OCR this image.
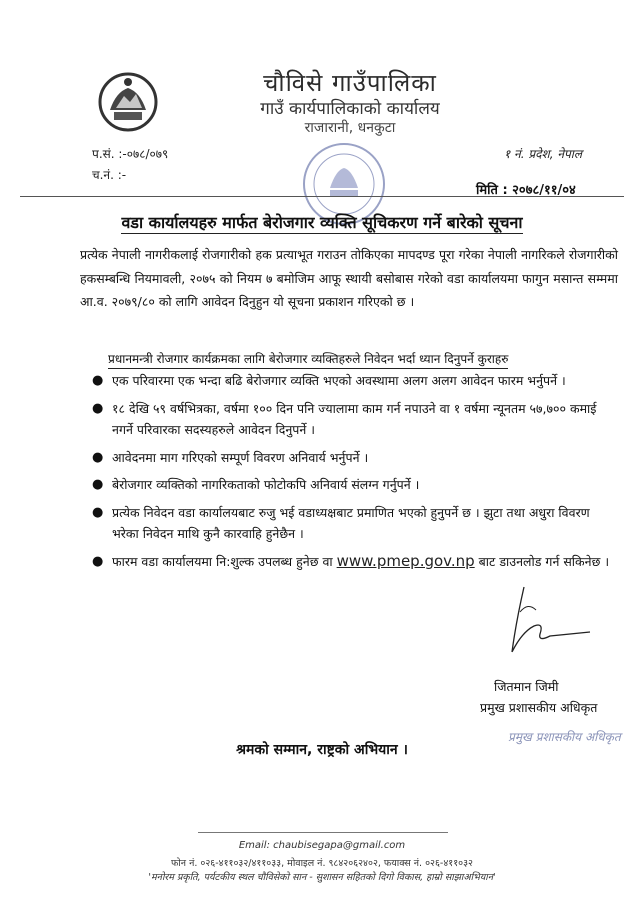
चौविसे गाउँपालिका
गाउँ कार्यपालिकाको कार्यालय
राजारानी, धनकुटा
प.सं. :-०७८/०७९
च.नं. :-
१ नं. प्रदेश, नेपाल
मिति : २०७८/११/०४
वडा कार्यालयहरु मार्फत बेरोजगार व्यक्ति सूचिकरण गर्ने बारेको सूचना
प्रत्येक नेपाली नागरीकलाई रोजगारीको हक प्रत्याभूत गराउन तोकिएका मापदण्ड पूरा गरेका नेपाली नागरिकले रोजगारीको हकसम्बन्धि नियमावली, २०७५ को नियम ७ बमोजिम आफू स्थायी बसोबास गरेको वडा कार्यालयमा फागुन मसान्त सम्ममा आ.व. २०७९/८० को लागि आवेदन दिनुहुन यो सूचना प्रकाशन गरिएको छ ।
प्रधानमन्त्री रोजगार कार्यक्रमका लागि बेरोजगार व्यक्तिहरुले निवेदन भर्दा ध्यान दिनुपर्ने कुराहरु
● एक परिवारमा एक भन्दा बढि बेरोजगार व्यक्ति भएको अवस्थामा अलग अलग आवेदन फारम भर्नुपर्ने ।
● १८ देखि ५९ वर्षभित्रका, वर्षमा १०० दिन पनि ज्यालामा काम गर्न नपाउने वा १ वर्षमा न्यूनतम ५७,७०० कमाई नगर्ने परिवारका सदस्यहरुले आवेदन दिनुपर्ने ।
● आवेदनमा माग गरिएको सम्पूर्ण विवरण अनिवार्य भर्नुपर्ने ।
● बेरोजगार व्यक्तिको नागरिकताको फोटोकपि अनिवार्य संलग्न गर्नुपर्ने ।
● प्रत्येक निवेदन वडा कार्यालयबाट रुजु भई वडाध्यक्षबाट प्रमाणित भएको हुनुपर्ने छ । झुटा तथा अधुरा विवरण भरेका निवेदन माथि कुनै कारवाहि हुनेछैन ।
● फारम वडा कार्यालयमा नि:शुल्क उपलब्ध हुनेछ वा www.pmep.gov.np बाट डाउनलोड गर्न सकिनेछ ।
जितमान जिमी
प्रमुख प्रशासकीय अधिकृत
प्रमुख प्रशासकीय अधिकृत
श्रमको सम्मान, राष्ट्रको अभियान ।
Email: chaubisegapa@gmail.com
फोन नं. ०२६-४११०३२/४११०३३, मोवाइल नं. ९८४२०६२४०२, फयाक्स नं. ०२६-४११०३२
'मनोरम प्रकृति, पर्यटकीय स्थल चौविसेको सान - सुशासन सहितको दिगो विकास, हाम्रो साझाअभियान'
